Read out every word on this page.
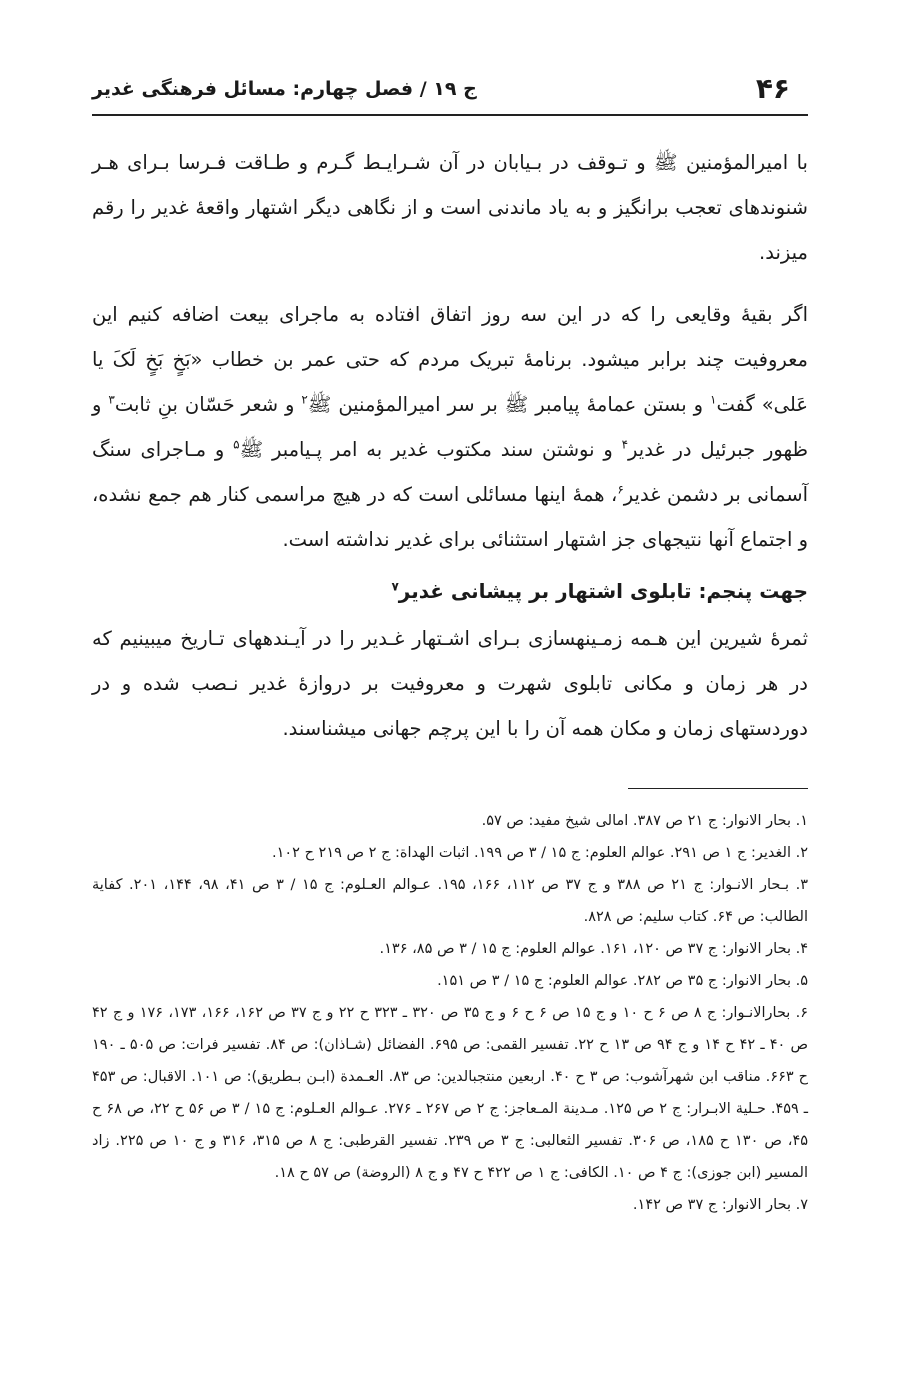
۴۶
ج ۱۹ / فصل چهارم: مسائل فرهنگی غدیر

با امیرالمؤمنین ﷺ و تـوقف در بـیابان در آن شـرایـط گـرم و طـاقت فـرسا بـرای هـر شنوندهای تعجب برانگیز و به یاد ماندنی است و از نگاهی دیگر اشتهار واقعهٔ غدیر را رقم میزند.

اگر بقیهٔ وقایعی را که در این سه روز اتفاق افتاده به ماجرای بیعت اضافه کنیم این معروفیت چند برابر میشود. برنامهٔ تبریک مردم که حتی عمر بن خطاب «بَخٍ بَخٍ لَکَ یا عَلی» گفت$^۱$ و بستن عمامهٔ پیامبر ﷺ بر سر امیرالمؤمنین ﷺ$^۲$ و شعر حَسّان بنِ ثابت$^۳$ و ظهور جبرئیل در غدیر$^۴$ و نوشتن سند مکتوب غدیر به امر پـیامبر ﷺ$^۵$ و مـاجرای سنگ آسمانی بر دشمن غدیر$^۶$، همهٔ اینها مسائلی است که در هیچ مراسمی کنار هم جمع نشده، و اجتماع آنها نتیجهای جز اشتهار استثنائی برای غدیر نداشته است.

جهت پنجم: تابلوی اشتهار بر پیشانی غدیر$^۷$

ثمرهٔ شیرین این هـمه زمـینهسازی بـرای اشـتهار غـدیر را در آیـندههای تـاریخ میبینیم که در هر زمان و مکانی تابلوی شهرت و معروفیت بر دروازهٔ غدیر نـصب شده و در دوردستهای زمان و مکان همه آن را با این پرچم جهانی میشناسند.

۱. بحار الانوار: ج ۲۱ ص ۳۸۷. امالی شیخ مفید: ص ۵۷.

۲. الغدیر: ج ۱ ص ۲۹۱. عوالم العلوم: ج ۱۵ / ۳ ص ۱۹۹. اثبات الهداة: ج ۲ ص ۲۱۹ ح ۱۰۲.

۳. بـحار الانـوار: ج ۲۱ ص ۳۸۸ و ج ۳۷ ص ۱۱۲، ۱۶۶، ۱۹۵. عـوالم العـلوم: ج ۱۵ / ۳ ص ۴۱، ۹۸، ۱۴۴، ۲۰۱. کفایة الطالب: ص ۶۴. کتاب سلیم: ص ۸۲۸.

۴. بحار الانوار: ج ۳۷ ص ۱۲۰، ۱۶۱. عوالم العلوم: ج ۱۵ / ۳ ص ۸۵، ۱۳۶.

۵. بحار الانوار: ج ۳۵ ص ۲۸۲. عوالم العلوم: ج ۱۵ / ۳ ص ۱۵۱.

۶. بحارالانـوار: ج ۸ ص ۶ ح ۱۰ و ج ۱۵ ص ۶ ح ۶ و ج ۳۵ ص ۳۲۰ ـ ۳۲۳ ح ۲۲ و ج ۳۷ ص ۱۶۲، ۱۶۶، ۱۷۳، ۱۷۶ و ج ۴۲ ص ۴۰ ـ ۴۲ ح ۱۴ و ج ۹۴ ص ۱۳ ح ۲۲. تفسیر القمی: ص ۶۹۵. الفضائل (شـاذان): ص ۸۴. تفسیر فرات: ص ۵۰۵ ـ ۱۹۰ ح ۶۶۳. مناقب ابن شهرآشوب: ص ۳ ح ۴۰. اربعین منتجبالدین: ص ۸۳. العـمدة (ابـن بـطریق): ص ۱۰۱. الاقبال: ص ۴۵۳ ـ ۴۵۹. حـلیة الابـرار: ج ۲ ص ۱۲۵. مـدینة المـعاجز: ج ۲ ص ۲۶۷ ـ ۲۷۶. عـوالم العـلوم: ج ۱۵ / ۳ ص ۵۶ ح ۲۲، ص ۶۸ ح ۴۵، ص ۱۳۰ ح ۱۸۵، ص ۳۰۶. تفسیر الثعالبی: ج ۳ ص ۲۳۹. تفسیر القرطبی: ج ۸ ص ۳۱۵، ۳۱۶ و ج ۱۰ ص ۲۲۵. زاد المسیر (ابن جوزی): ج ۴ ص ۱۰. الکافی: ج ۱ ص ۴۲۲ ح ۴۷ و ج ۸ (الروضة) ص ۵۷ ح ۱۸.

۷. بحار الانوار: ج ۳۷ ص ۱۴۲.
